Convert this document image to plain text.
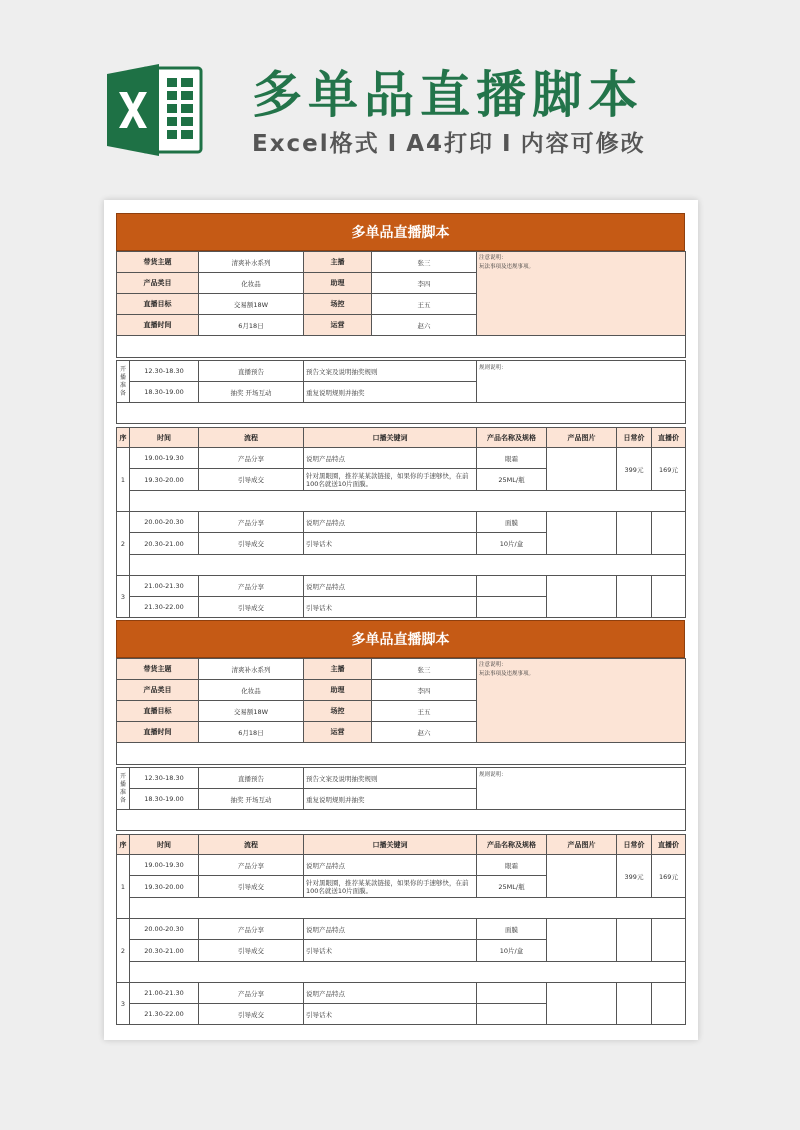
多单品直播脚本
Excel格式 I A4打印 I 内容可修改
多单品直播脚本
带货主题	清爽补水系列	主播	张三	注意说明：
玩法事项及违规事项。

产品类目	化妆品	助理	李四	
直播目标	交易额18W	场控	王五	
直播时间	6月18日	运营	赵六	

开播准备	12.30-18.30	直播预告	预告文案及说明抽奖规则	规则说明：
	18.30-19.00	抽奖 开场互动	重复说明规则并抽奖	

序	时间	流程	口播关键词	产品名称及规格	产品图片	日常价	直播价
1	19.00-19.30	产品分享	说明产品特点	眼霜		399元	169元
	19.30-20.00	引导成交	针对黑眼圈，推荐某某款链接，如果你的手速够快，在前100名就送10片面膜。	25ML/瓶			

2	20.00-20.30	产品分享	说明产品特点	面膜			
	20.30-21.00	引导成交	引导话术	10片/盒			

3	21.00-21.30	产品分享	说明产品特点				
	21.30-22.00	引导成交	引导话术				
多单品直播脚本
带货主题	清爽补水系列	主播	张三	注意说明：
玩法事项及违规事项。

产品类目	化妆品	助理	李四	
直播目标	交易额18W	场控	王五	
直播时间	6月18日	运营	赵六	

开播准备	12.30-18.30	直播预告	预告文案及说明抽奖规则	规则说明：
	18.30-19.00	抽奖 开场互动	重复说明规则并抽奖	

序	时间	流程	口播关键词	产品名称及规格	产品图片	日常价	直播价
1	19.00-19.30	产品分享	说明产品特点	眼霜		399元	169元
	19.30-20.00	引导成交	针对黑眼圈，推荐某某款链接，如果你的手速够快，在前100名就送10片面膜。	25ML/瓶			

2	20.00-20.30	产品分享	说明产品特点	面膜			
	20.30-21.00	引导成交	引导话术	10片/盒			

3	21.00-21.30	产品分享	说明产品特点				
	21.30-22.00	引导成交	引导话术				
